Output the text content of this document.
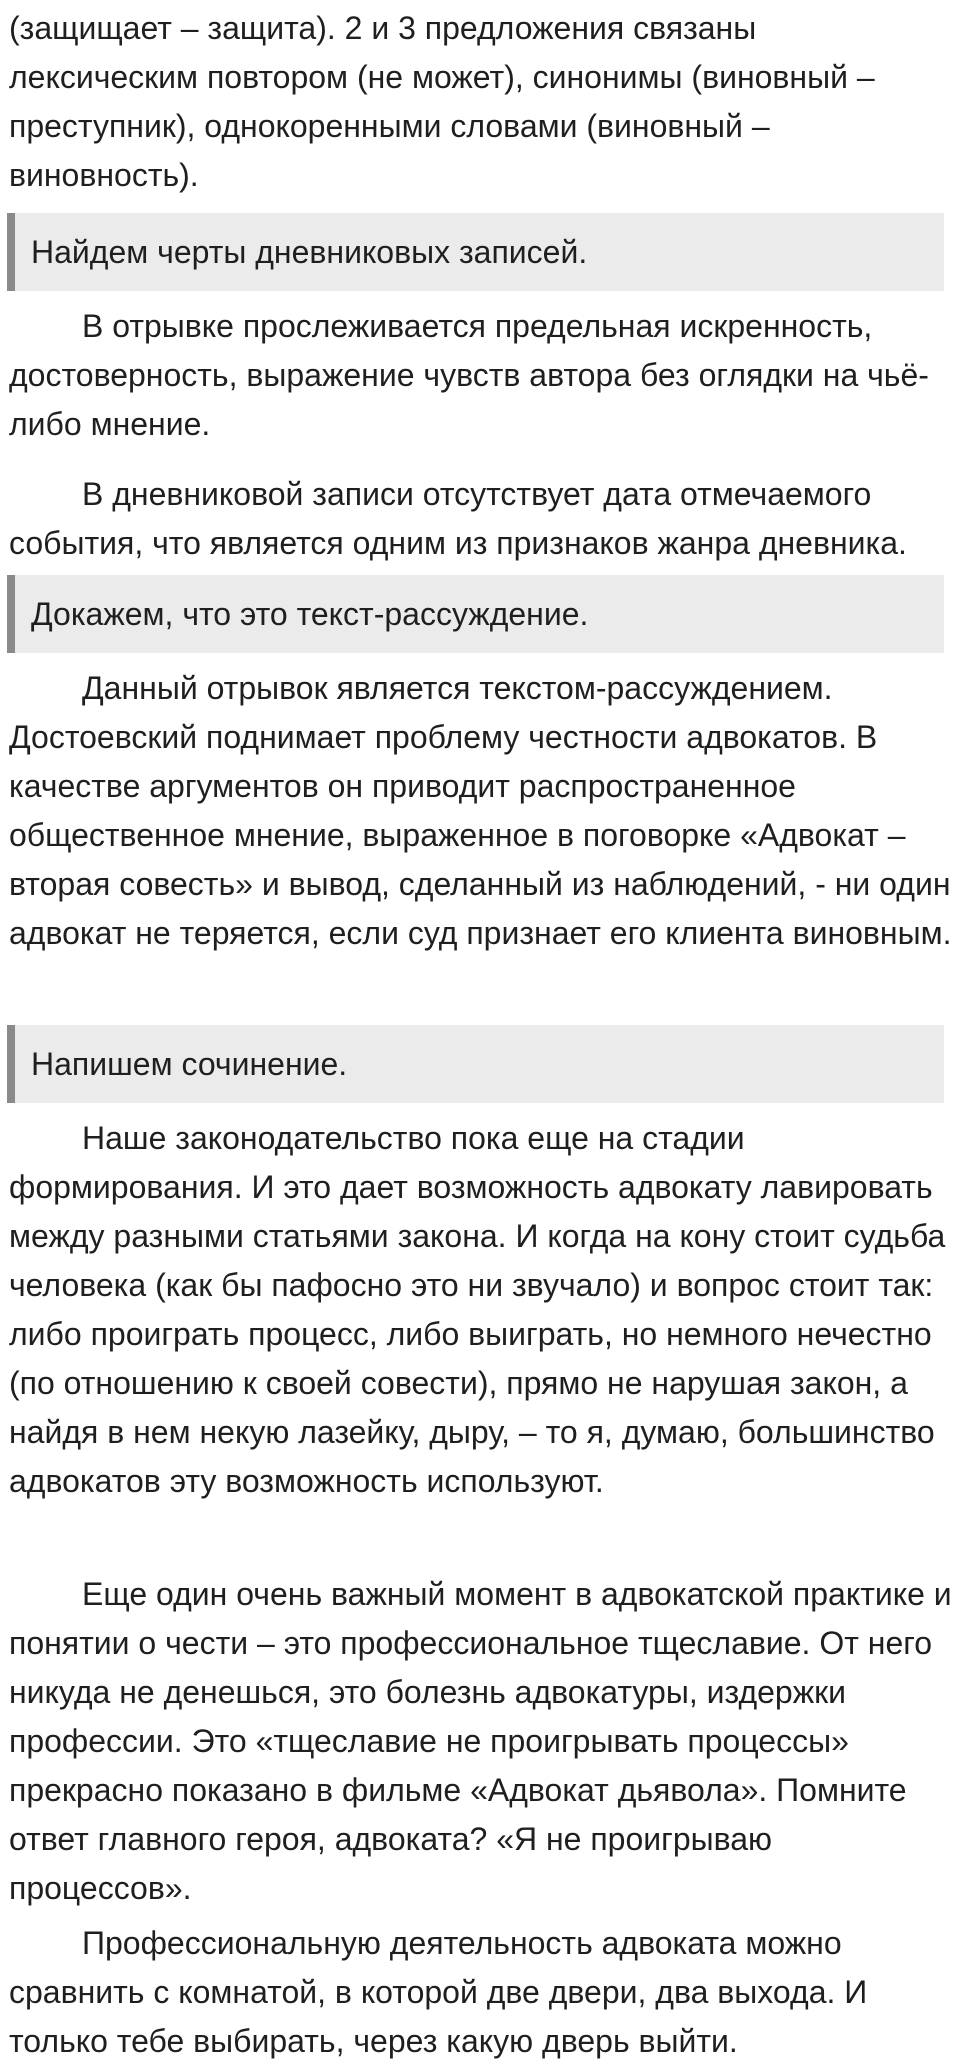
(защищает – защита). 2 и 3 предложения связаны лексическим повтором (не может), синонимы (виновный – преступник), однокоренными словами (виновный – виновность).

Найдем черты дневниковых записей.

В отрывке прослеживается предельная искренность, достоверность, выражение чувств автора без оглядки на чьё-либо мнение.

В дневниковой записи отсутствует дата отмечаемого события, что является одним из признаков жанра дневника.

Докажем, что это текст-рассуждение.

Данный отрывок является текстом-рассуждением. Достоевский поднимает проблему честности адвокатов. В качестве аргументов он приводит распространенное общественное мнение, выраженное в поговорке «Адвокат – вторая совесть» и вывод, сделанный из наблюдений, - ни один адвокат не теряется, если суд признает его клиента виновным.

Напишем сочинение.

Наше законодательство пока еще на стадии формирования. И это дает возможность адвокату лавировать между разными статьями закона. И когда на кону стоит судьба человека (как бы пафосно это ни звучало) и вопрос стоит так: либо проиграть процесс, либо выиграть, но немного нечестно (по отношению к своей совести), прямо не нарушая закон, а найдя в нем некую лазейку, дыру, – то я, думаю, большинство адвокатов эту возможность используют.

Еще один очень важный момент в адвокатской практике и понятии о чести – это профессиональное тщеславие. От него никуда не денешься, это болезнь адвокатуры, издержки профессии. Это «тщеславие не проигрывать процессы» прекрасно показано в фильме «Адвокат дьявола». Помните ответ главного героя, адвоката? «Я не проигрываю процессов».

Профессиональную деятельность адвоката можно сравнить с комнатой, в которой две двери, два выхода. И только тебе выбирать, через какую дверь выйти.
